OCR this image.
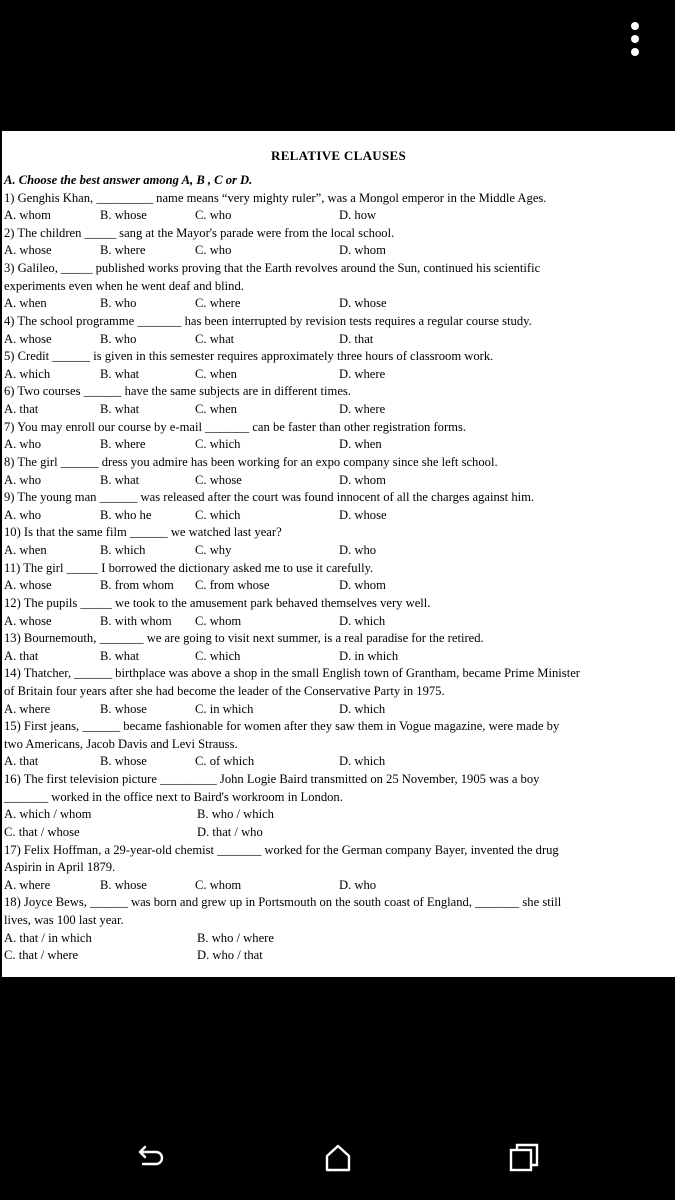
RELATIVE CLAUSES
A. Choose the best answer among A, B , C or D.
1) Genghis Khan, _________ name means “very mighty ruler”, was a Mongol emperor in the Middle Ages.
A. whom	B. whose	C. who	D. how
2) The children _____ sang at the Mayor's parade were from the local school.
A. whose	B. where	C. who	D. whom
3) Galileo, _____ published works proving that the Earth revolves around the Sun, continued his scientific
experiments even when he went deaf and blind.
A. when	B. who	C. where	D. whose
4) The school programme _______ has been interrupted by revision tests requires a regular course study.
A. whose	B. who	C. what	D. that
5) Credit ______ is given in this semester requires approximately three hours of classroom work.
A. which	B. what	C. when	D. where
6) Two courses ______ have the same subjects are in different times.
A. that	B. what	C. when	D. where
7) You may enroll our course by e-mail _______ can be faster than other registration forms.
A. who	B. where	C. which	D. when
8) The girl ______ dress you admire has been working for an expo company since she left school.
A. who	B. what	C. whose	D. whom
9) The young man ______ was released after the court was found innocent of all the charges against him.
A. who	B. who he	C. which	D. whose
10) Is that the same film ______ we watched last year?
A. when	B. which	C. why	D. who
11) The girl _____ I borrowed the dictionary asked me to use it carefully.
A. whose	B. from whom C. from whose	D. whom
12) The pupils _____ we took to the amusement park behaved themselves very well.
A. whose	B. with whom C. whom	D. which
13) Bournemouth, _______ we are going to visit next summer, is a real paradise for the retired.
A. that	B. what	C. which	D. in which
14) Thatcher, ______ birthplace was above a shop in the small English town of Grantham, became Prime Minister
of Britain four years after she had become the leader of the Conservative Party in 1975.
A. where	B. whose	C. in which	D. which
15) First jeans, ______ became fashionable for women after they saw them in Vogue magazine, were made by
two Americans, Jacob Davis and Levi Strauss.
A. that	B. whose	C. of which	D. which
16) The first television picture _________ John Logie Baird transmitted on 25 November, 1905 was a boy
_______ worked in the office next to Baird's workroom in London.
A. which / whom	B. who / which
C. that / whose	D. that / who
17) Felix Hoffman, a 29-year-old chemist _______ worked for the German company Bayer, invented the drug
Aspirin in April 1879.
A. where	B. whose	C. whom	D. who
18) Joyce Bews, ______ was born and grew up in Portsmouth on the south coast of England, _______ she still
lives, was 100 last year.
A. that / in which	B. who / where
C. that / where	D. who / that
